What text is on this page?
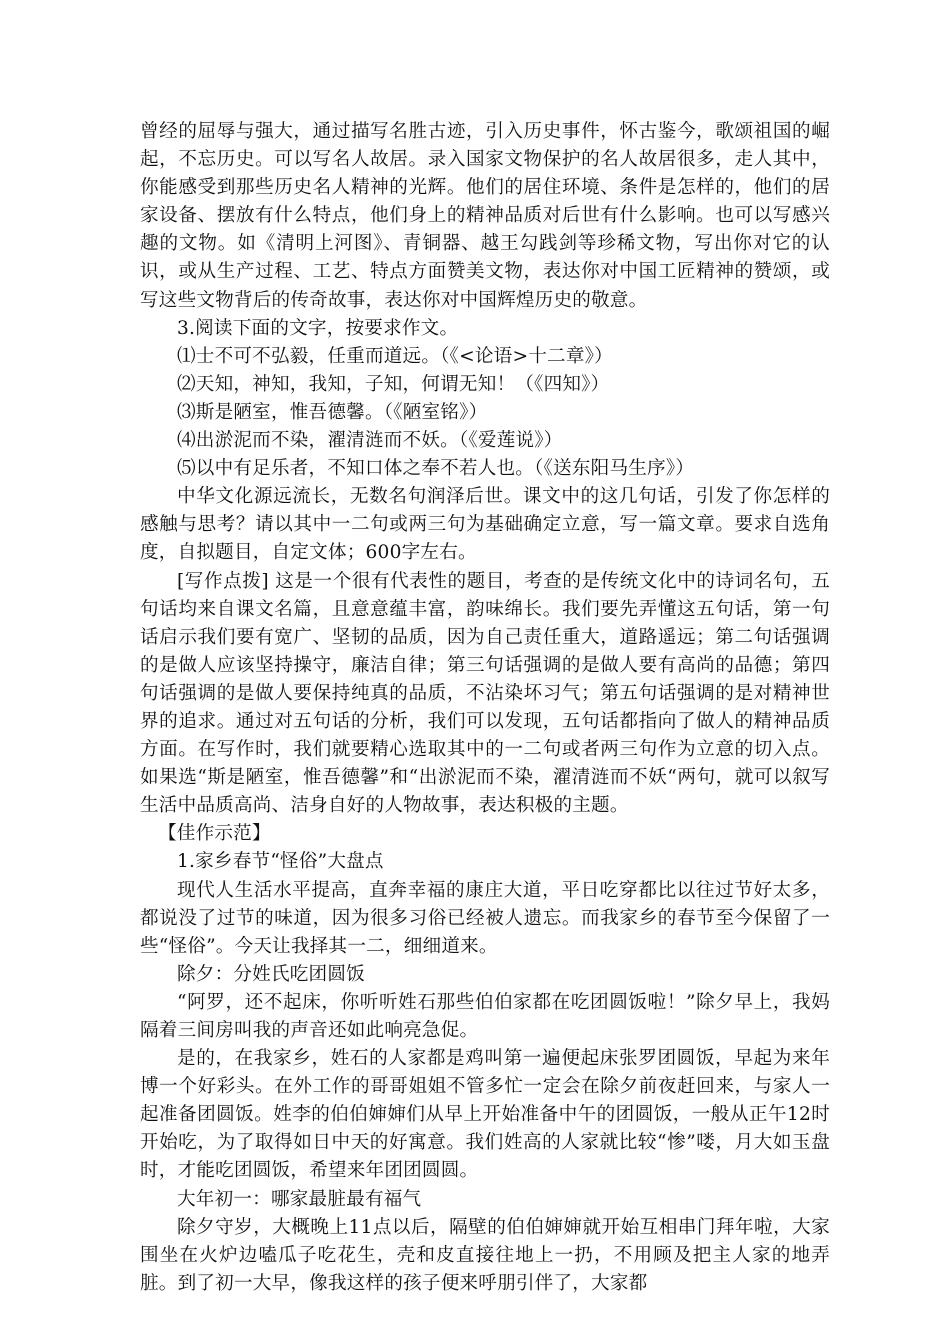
曾经的屈辱与强大，通过描写名胜古迹，引入历史事件，怀古鉴今，歌颂祖国的崛起，不忘历史。可以写名人故居。录入国家文物保护的名人故居很多，走人其中，你能感受到那些历史名人精神的光辉。他们的居住环境、条件是怎样的，他们的居家设备、摆放有什么特点，他们身上的精神品质对后世有什么影响。也可以写感兴趣的文物。如《清明上河图》、青铜器、越王勾践剑等珍稀文物，写出你对它的认识，或从生产过程、工艺、特点方面赞美文物，表达你对中国工匠精神的赞颂，或写这些文物背后的传奇故事，表达你对中国辉煌历史的敬意。

3.阅读下面的文字，按要求作文。

⑴士不可不弘毅，任重而道远。（《<论语>十二章》）

⑵天知，神知，我知，子知，何谓无知！（《四知》）

⑶斯是陋室，惟吾德馨。（《陋室铭》）

⑷出淤泥而不染，濯清涟而不妖。（《爱莲说》）

⑸以中有足乐者，不知口体之奉不若人也。（《送东阳马生序》）

中华文化源远流长，无数名句润泽后世。课文中的这几句话，引发了你怎样的感触与思考？请以其中一二句或两三句为基础确定立意，写一篇文章。要求自选角度，自拟题目，自定文体；600字左右。

[写作点拨] 这是一个很有代表性的题目，考查的是传统文化中的诗词名句，五句话均来自课文名篇，且意意蕴丰富，韵味绵长。我们要先弄懂这五句话，第一句话启示我们要有宽广、坚韧的品质，因为自己责任重大，道路遥远；第二句话强调的是做人应该坚持操守，廉洁自律；第三句话强调的是做人要有高尚的品德；第四句话强调的是做人要保持纯真的品质，不沾染坏习气；第五句话强调的是对精神世界的追求。通过对五句话的分析，我们可以发现，五句话都指向了做人的精神品质方面。在写作时，我们就要精心选取其中的一二句或者两三句作为立意的切入点。如果选“斯是陋室，惟吾德馨”和“出淤泥而不染，濯清涟而不妖“两句，就可以叙写生活中品质高尚、洁身自好的人物故事，表达积极的主题。

【佳作示范】

1.家乡春节“怪俗”大盘点

现代人生活水平提高，直奔幸福的康庄大道，平日吃穿都比以往过节好太多，都说没了过节的味道，因为很多习俗已经被人遗忘。而我家乡的春节至今保留了一些“怪俗”。今天让我择其一二，细细道来。

除夕：分姓氏吃团圆饭

“阿罗，还不起床，你听听姓石那些伯伯家都在吃团圆饭啦！”除夕早上，我妈隔着三间房叫我的声音还如此响亮急促。

是的，在我家乡，姓石的人家都是鸡叫第一遍便起床张罗团圆饭，早起为来年博一个好彩头。在外工作的哥哥姐姐不管多忙一定会在除夕前夜赶回来，与家人一起准备团圆饭。姓李的伯伯婶婶们从早上开始准备中午的团圆饭，一般从正午12时开始吃，为了取得如日中天的好寓意。我们姓高的人家就比较“惨”喽，月大如玉盘时，才能吃团圆饭，希望来年团团圆圆。

大年初一：哪家最脏最有福气

除夕守岁，大概晚上11点以后，隔壁的伯伯婶婶就开始互相串门拜年啦，大家围坐在火炉边嗑瓜子吃花生，壳和皮直接往地上一扔，不用顾及把主人家的地弄脏。到了初一大早，像我这样的孩子便来呼朋引伴了，大家都
